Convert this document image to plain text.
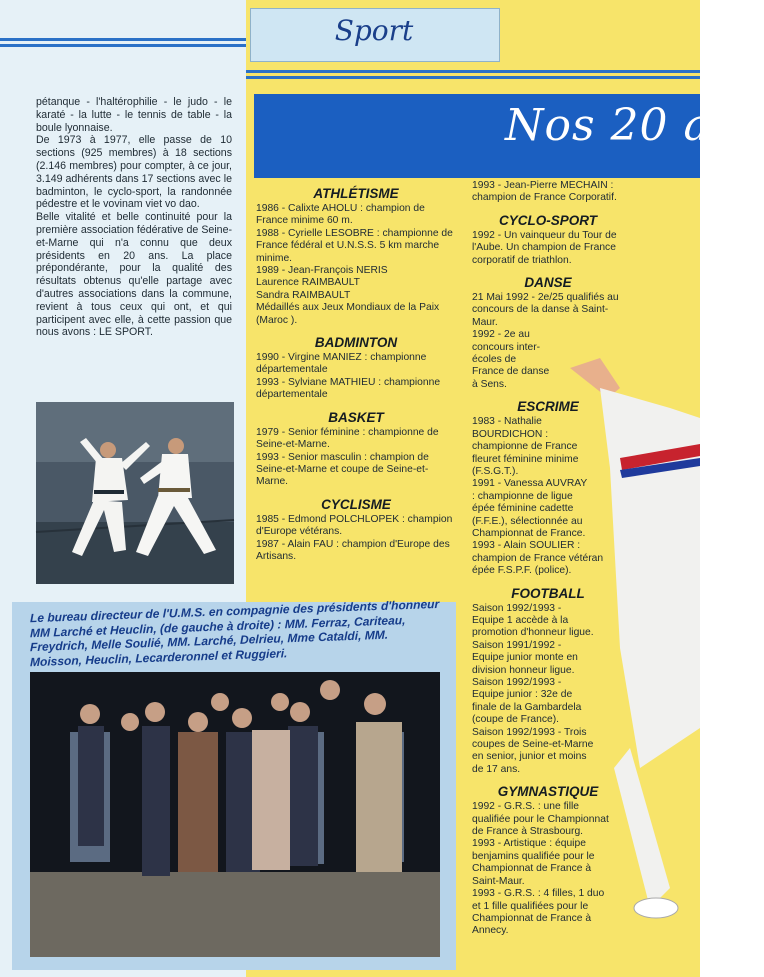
Sport
Nos 20 ans

pétanque - l'haltérophilie - le judo - le karaté - la lutte - le tennis de table - la boule lyonnaise.

De 1973 à 1977, elle passe de 10 sections (925 membres) à 18 sections (2.146 membres) pour compter, à ce jour, 3.149 adhérents dans 17 sections avec le badminton, le cyclo-sport, la randonnée pédestre et le vovinam viet vo dao.

Belle vitalité et belle continuité pour la première association fédérative de Seine-et-Marne qui n'a connu que deux présidents en 20 ans. La place prépondérante, pour la qualité des résultats obtenus qu'elle partage avec d'autres associations dans la commune, revient à tous ceux qui ont, et qui participent avec elle, à cette passion que nous avons : LE SPORT.

Le bureau directeur de l'U.M.S. en compagnie des présidents d'honneur MM Larché et Heuclin, (de gauche à droite) : MM. Ferraz, Cariteau, Freydrich, Melle Soulié, MM. Larché, Delrieu, Mme Cataldi, MM. Moisson, Heuclin, Lecarderonnel et Ruggieri.
ATHLÉTISME

1986 - Calixte AHOLU : champion de France minime 60 m.

1988 - Cyrielle LESOBRE : championne de France fédéral et U.N.S.S. 5 km marche minime.

1989 - Jean-François NERIS

Laurence RAIMBAULT

Sandra RAIMBAULT

Médaillés aux Jeux Mondiaux de la Paix (Maroc ).

BADMINTON

1990 - Virgine MANIEZ : championne départementale

1993 - Sylviane MATHIEU : championne départementale

BASKET

1979 - Senior féminine : championne de Seine-et-Marne.

1993 - Senior masculin : champion de Seine-et-Marne et coupe de Seine-et-Marne.

CYCLISME

1985 - Edmond POLCHLOPEK : champion d'Europe vétérans.

1987 - Alain FAU : champion d'Europe des Artisans.

1993 - Jean-Pierre MECHAIN : champion de France Corporatif.

CYCLO-SPORT

1992 - Un vainqueur du Tour de l'Aube. Un champion de France corporatif de triathlon.

DANSE

21 Mai 1992 - 2e/25 qualifiés au concours de la danse à Saint-Maur.

1992 - 2e au concours inter-écoles de France de danse à Sens.

ESCRIME

1983 - Nathalie BOURDICHON : championne de France fleuret féminine minime (F.S.G.T.).

1991 - Vanessa AUVRAY : championne de ligue épée féminine cadette (F.F.E.), sélectionnée au Championnat de France.

1993 - Alain SOULIER : champion de France vétéran épée F.S.P.F. (police).

FOOTBALL

Saison 1992/1993 - Equipe 1 accède à la promotion d'honneur ligue.

Saison 1991/1992 - Equipe junior monte en division honneur ligue.

Saison 1992/1993 - Equipe junior : 32e de finale de la Gambardela (coupe de France).

Saison 1992/1993 - Trois coupes de Seine-et-Marne en senior, junior et moins de 17 ans.

GYMNASTIQUE

1992 - G.R.S. : une fille qualifiée pour le Championnat de France à Strasbourg.

1993 - Artistique : équipe benjamins qualifiée pour le Championnat de France à Saint-Maur.

1993 - G.R.S. : 4 filles, 1 duo et 1 fille qualifiées pour le Championnat de France à Annecy.
